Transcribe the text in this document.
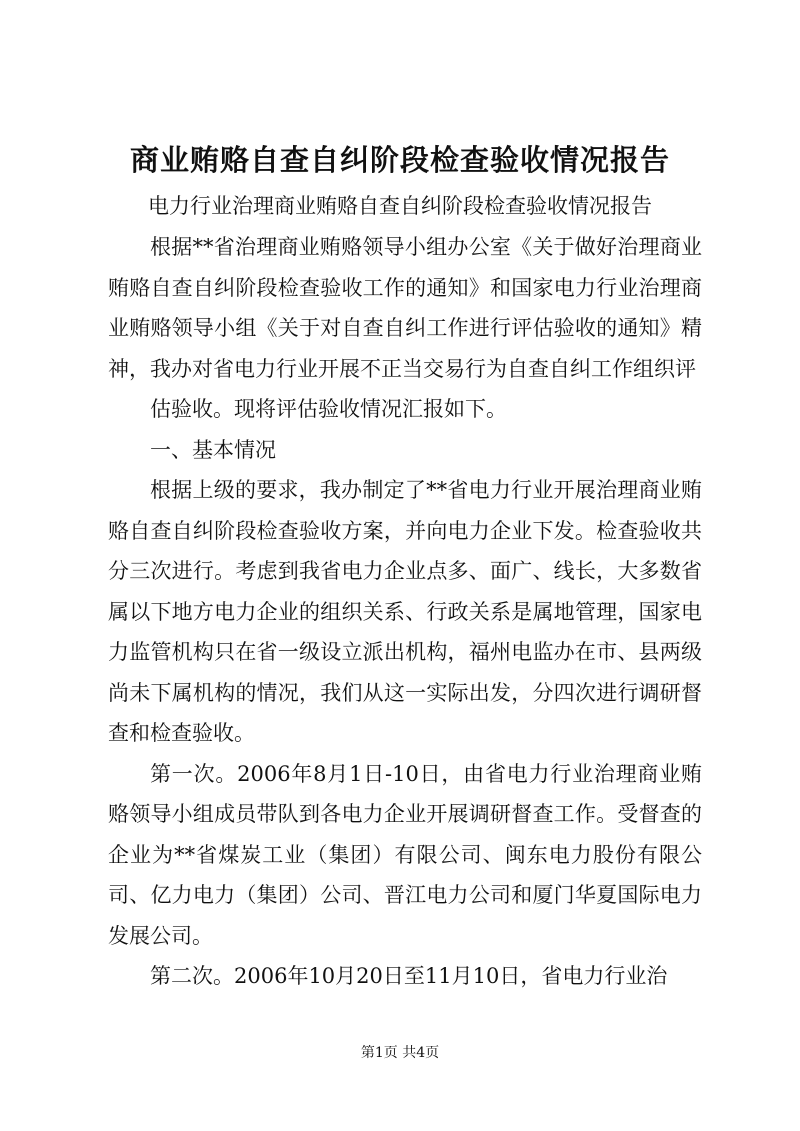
商业贿赂自查自纠阶段检查验收情况报告
电力行业治理商业贿赂自查自纠阶段检查验收情况报告

根据**省治理商业贿赂领导小组办公室《关于做好治理商业贿赂自查自纠阶段检查验收工作的通知》和国家电力行业治理商业贿赂领导小组《关于对自查自纠工作进行评估验收的通知》精神，我办对省电力行业开展不正当交易行为自查自纠工作组织评

估验收。现将评估验收情况汇报如下。

一、基本情况

根据上级的要求，我办制定了**省电力行业开展治理商业贿赂自查自纠阶段检查验收方案，并向电力企业下发。检查验收共分三次进行。考虑到我省电力企业点多、面广、线长，大多数省属以下地方电力企业的组织关系、行政关系是属地管理，国家电力监管机构只在省一级设立派出机构，福州电监办在市、县两级尚未下属机构的情况，我们从这一实际出发，分四次进行调研督查和检查验收。

第一次。2006年8月1日-10日，由省电力行业治理商业贿赂领导小组成员带队到各电力企业开展调研督查工作。受督查的企业为**省煤炭工业（集团）有限公司、闽东电力股份有限公司、亿力电力（集团）公司、晋江电力公司和厦门华夏国际电力发展公司。

第二次。2006年10月20日至11月10日，省电力行业治

第1页 共4页
